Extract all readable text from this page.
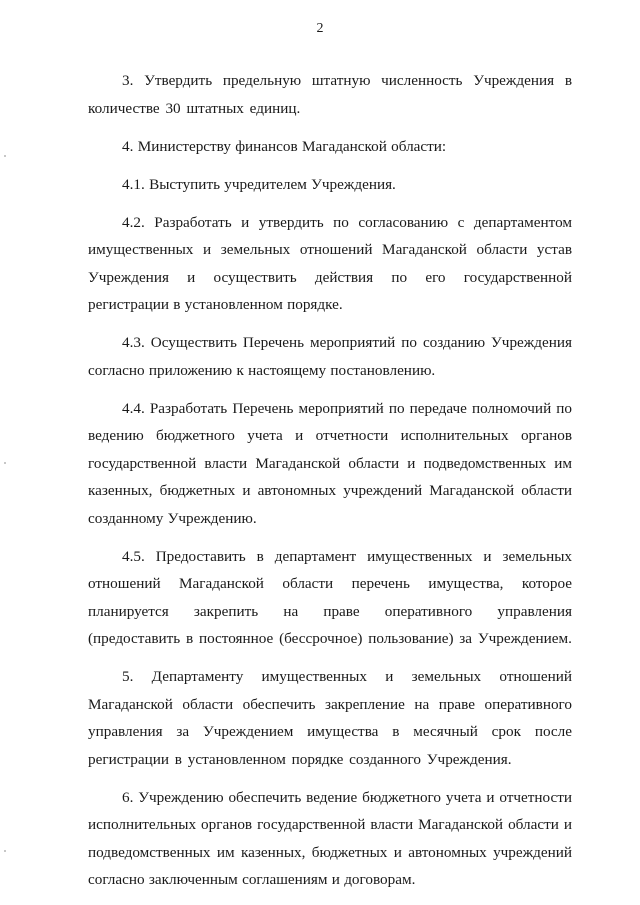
2

3. Утвердить предельную штатную численность Учреждения в количестве 30 штатных единиц.

4. Министерству финансов Магаданской области:

4.1. Выступить учредителем Учреждения.

4.2. Разработать и утвердить по согласованию с департаментом имущественных и земельных отношений Магаданской области устав Учреждения и осуществить действия по его государственной регистрации в установленном порядке.

4.3. Осуществить Перечень мероприятий по созданию Учреждения согласно приложению к настоящему постановлению.

4.4. Разработать Перечень мероприятий по передаче полномочий по ведению бюджетного учета и отчетности исполнительных органов государственной власти Магаданской области и подведомственных им казенных, бюджетных и автономных учреждений Магаданской области созданному Учреждению.

4.5. Предоставить в департамент имущественных и земельных отношений Магаданской области перечень имущества, которое планируется закрепить на праве оперативного управления (предоставить в постоянное (бессрочное) пользование) за Учреждением.

5. Департаменту имущественных и земельных отношений Магаданской области обеспечить закрепление на праве оперативного управления за Учреждением имущества в месячный срок после регистрации в установленном порядке созданного Учреждения.

6. Учреждению обеспечить ведение бюджетного учета и отчетности исполнительных органов государственной власти Магаданской области и подведомственных им казенных, бюджетных и автономных учреждений согласно заключенным соглашениям и договорам.
